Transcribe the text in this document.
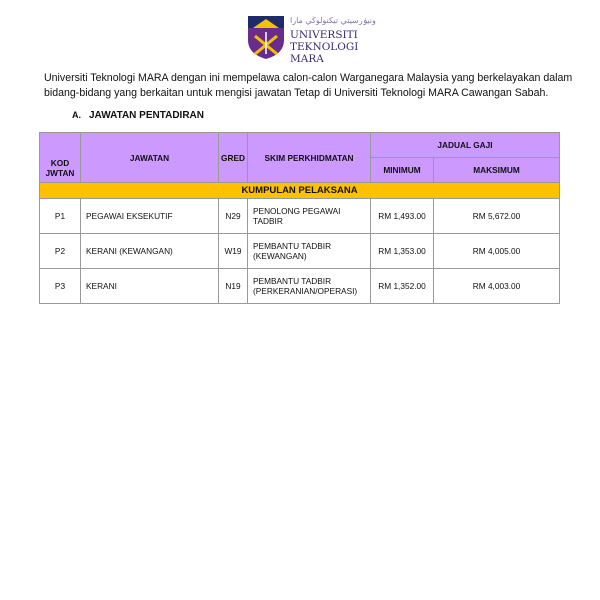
ونيۏرسيتي تيكنولوڬي مارا
UNIVERSITI
TEKNOLOGI
MARA
Universiti Teknologi MARA dengan ini mempelawa calon-calon Warganegara Malaysia yang berkelayakan dalam bidang-bidang yang berkaitan untuk mengisi jawatan Tetap di Universiti Teknologi MARA Cawangan Sabah.
A. JAWATAN PENTADIRAN
KOD JWTAN	JAWATAN	GRED	SKIM PERKHIDMATAN	JADUAL GAJI	
				MINIMUM	MAKSIMUM
KUMPULAN PELAKSANA					
P1	PEGAWAI EKSEKUTIF	N29	PENOLONG PEGAWAI TADBIR	RM 1,493.00	RM 5,672.00
P2	KERANI (KEWANGAN)	W19	PEMBANTU TADBIR (KEWANGAN)	RM 1,353.00	RM 4,005.00
P3	KERANI	N19	PEMBANTU TADBIR (PERKERANIAN/OPERASI)	RM 1,352.00	RM 4,003.00
